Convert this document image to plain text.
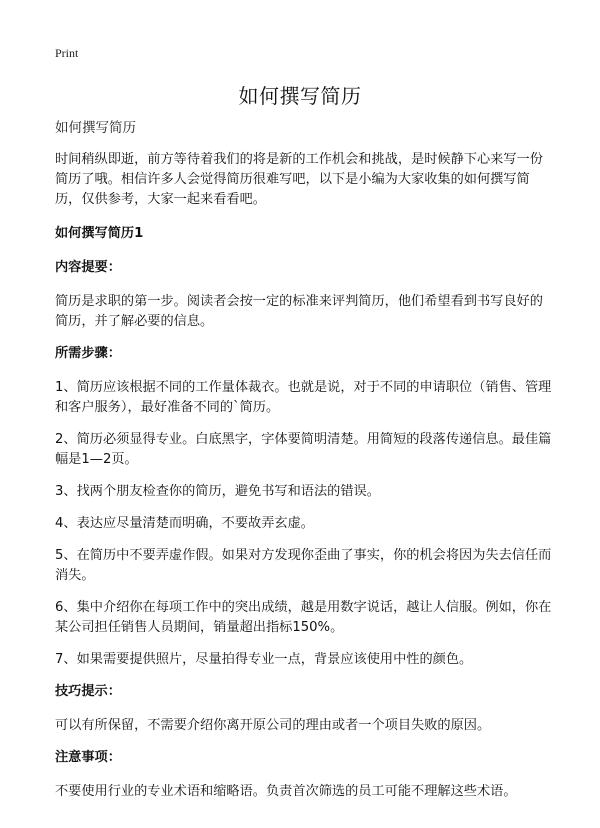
Print
如何撰写简历
如何撰写简历

时间稍纵即逝，前方等待着我们的将是新的工作机会和挑战，是时候静下心来写一份简历了哦。相信许多人会觉得简历很难写吧，以下是小编为大家收集的如何撰写简历，仅供参考，大家一起来看看吧。

如何撰写简历1
内容提要：

简历是求职的第一步。阅读者会按一定的标准来评判简历，他们希望看到书写良好的简历，并了解必要的信息。

所需步骤：

1、简历应该根据不同的工作量体裁衣。也就是说，对于不同的申请职位（销售、管理和客户服务），最好准备不同的`简历。

2、简历必须显得专业。白底黑字，字体要简明清楚。用简短的段落传递信息。最佳篇幅是1—2页。

3、找两个朋友检查你的简历，避免书写和语法的错误。

4、表达应尽量清楚而明确，不要故弄玄虚。

5、在简历中不要弄虚作假。如果对方发现你歪曲了事实，你的机会将因为失去信任而消失。

6、集中介绍你在每项工作中的突出成绩，越是用数字说话，越让人信服。例如，你在某公司担任销售人员期间，销量超出指标150%。

7、如果需要提供照片，尽量拍得专业一点，背景应该使用中性的颜色。

技巧提示：

可以有所保留，不需要介绍你离开原公司的理由或者一个项目失败的原因。

注意事项：

不要使用行业的专业术语和缩略语。负责首次筛选的员工可能不理解这些术语。
